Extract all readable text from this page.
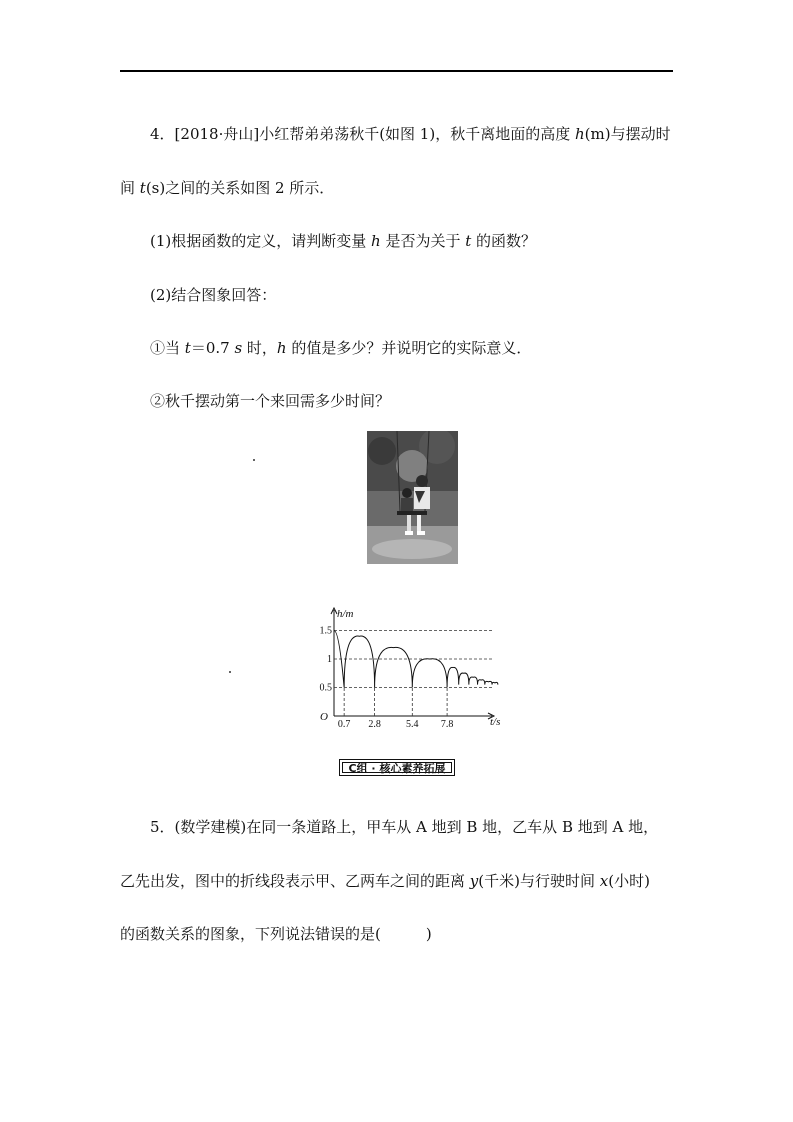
4．[2018·舟山]小红帮弟弟荡秋千(如图 1)，秋千离地面的高度 h(m)与摆动时
间 t(s)之间的关系如图 2 所示．
(1)根据函数的定义，请判断变量 h 是否为关于 t 的函数？
(2)结合图象回答：
①当 t＝0.7 s 时，h 的值是多少？并说明它的实际意义．
②秋千摆动第一个来回需多少时间？
h/m
t/s
O
0.5
1
1.5
0.7 2.8	5.4 7.8
C组 · 核心素养拓展
5．(数学建模)在同一条道路上，甲车从 A 地到 B 地，乙车从 B 地到 A 地，
乙先出发，图中的折线段表示甲、乙两车之间的距离 y(千米)与行驶时间 x(小时)
的函数关系的图象，下列说法错误的是(　　　)
